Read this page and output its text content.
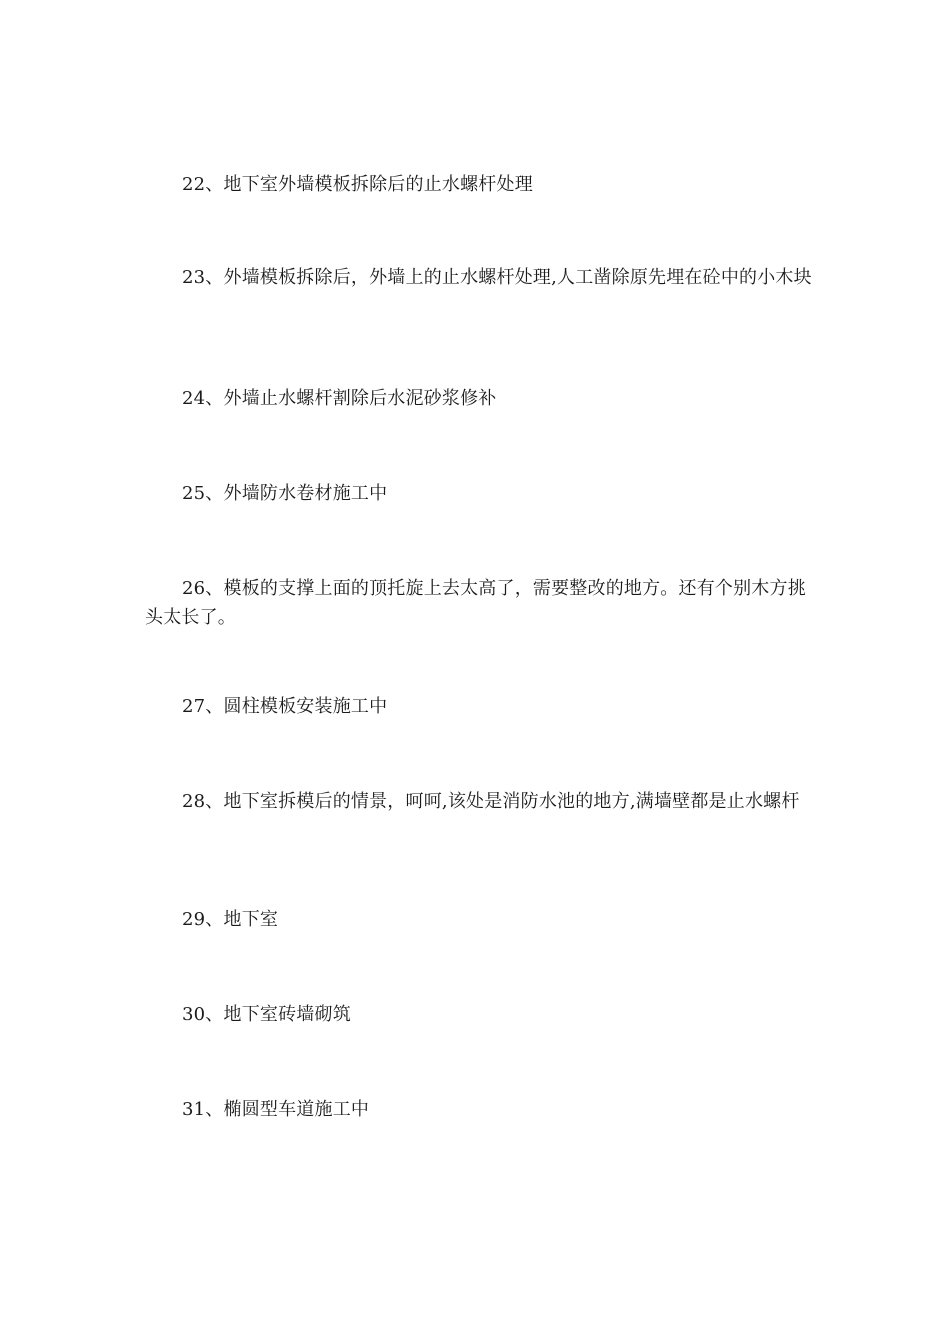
22、地下室外墙模板拆除后的止水螺杆处理

23、外墙模板拆除后，外墙上的止水螺杆处理,人工凿除原先埋在砼中的小木块

24、外墙止水螺杆割除后水泥砂浆修补

25、外墙防水卷材施工中

26、模板的支撑上面的顶托旋上去太高了，需要整改的地方。还有个别木方挑头太长了。

27、圆柱模板安装施工中

28、地下室拆模后的情景，呵呵,该处是消防水池的地方,满墙壁都是止水螺杆

29、地下室

30、地下室砖墙砌筑

31、椭圆型车道施工中
